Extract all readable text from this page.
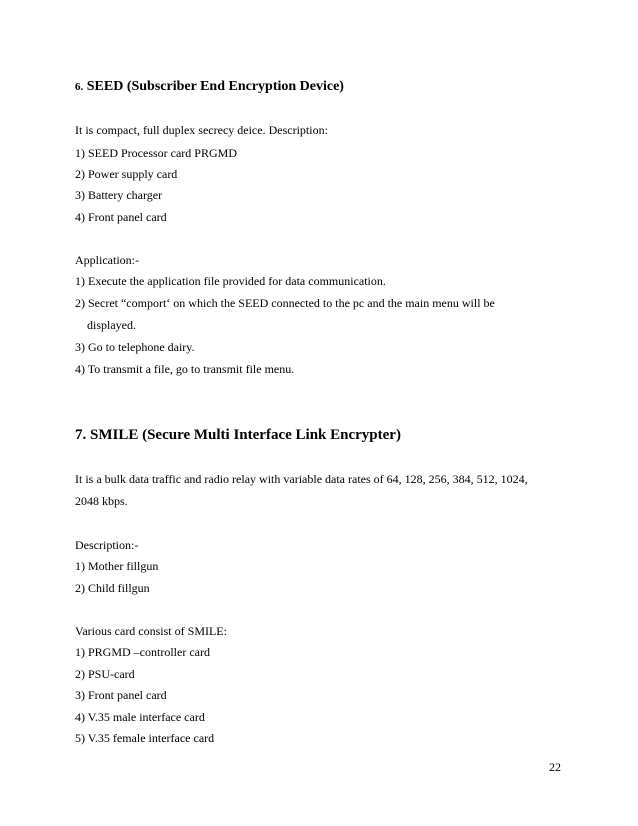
6. SEED (Subscriber End Encryption Device)
It is compact, full duplex secrecy deice. Description:
1) SEED Processor card PRGMD
2) Power supply card
3) Battery charger
4) Front panel card
Application:-
1) Execute the application file provided for data communication.
2) Secret “comport‘ on which the SEED connected to the pc and the main menu will be
displayed.
3) Go to telephone dairy.
4) To transmit a file, go to transmit file menu.
7. SMILE (Secure Multi Interface Link Encrypter)
It is a bulk data traffic and radio relay with variable data rates of 64, 128, 256, 384, 512, 1024,
2048 kbps.
Description:-
1) Mother fillgun
2) Child fillgun
Various card consist of SMILE:
1) PRGMD –controller card
2) PSU-card
3) Front panel card
4) V.35 male interface card
5) V.35 female interface card
22
